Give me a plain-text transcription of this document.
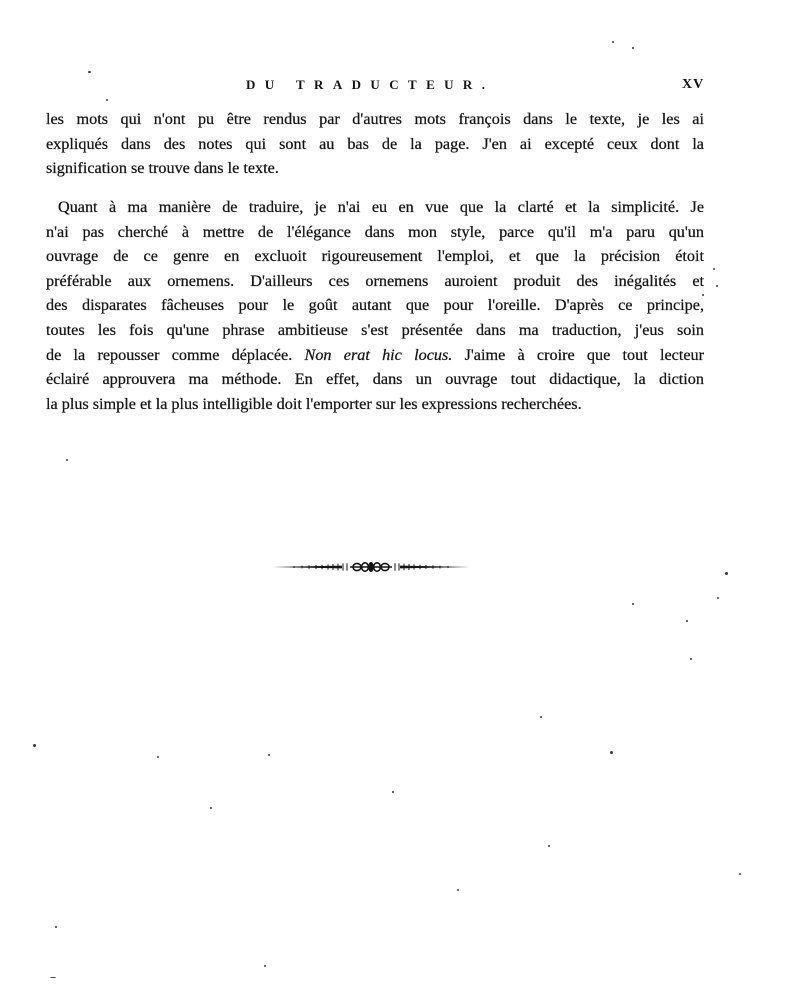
DU TRADUCTEUR.	XV
les mots qui n'ont pu être rendus par d'autres mots françois dans le texte, je les ai
expliqués dans des notes qui sont au bas de la page. J'en ai excepté ceux dont la
signification se trouve dans le texte.
Quant à ma manière de traduire, je n'ai eu en vue que la clarté et la simplicité. Je
n'ai pas cherché à mettre de l'élégance dans mon style, parce qu'il m'a paru qu'un
ouvrage de ce genre en excluoit rigoureusement l'emploi, et que la précision étoit
préférable aux ornemens. D'ailleurs ces ornemens auroient produit des inégalités et
des disparates fâcheuses pour le goût autant que pour l'oreille. D'après ce principe,
toutes les fois qu'une phrase ambitieuse s'est présentée dans ma traduction, j'eus soin
de la repousser comme déplacée. Non erat hic locus. J'aime à croire que tout lecteur
éclairé approuvera ma méthode. En effet, dans un ouvrage tout didactique, la diction
la plus simple et la plus intelligible doit l'emporter sur les expressions recherchées.
